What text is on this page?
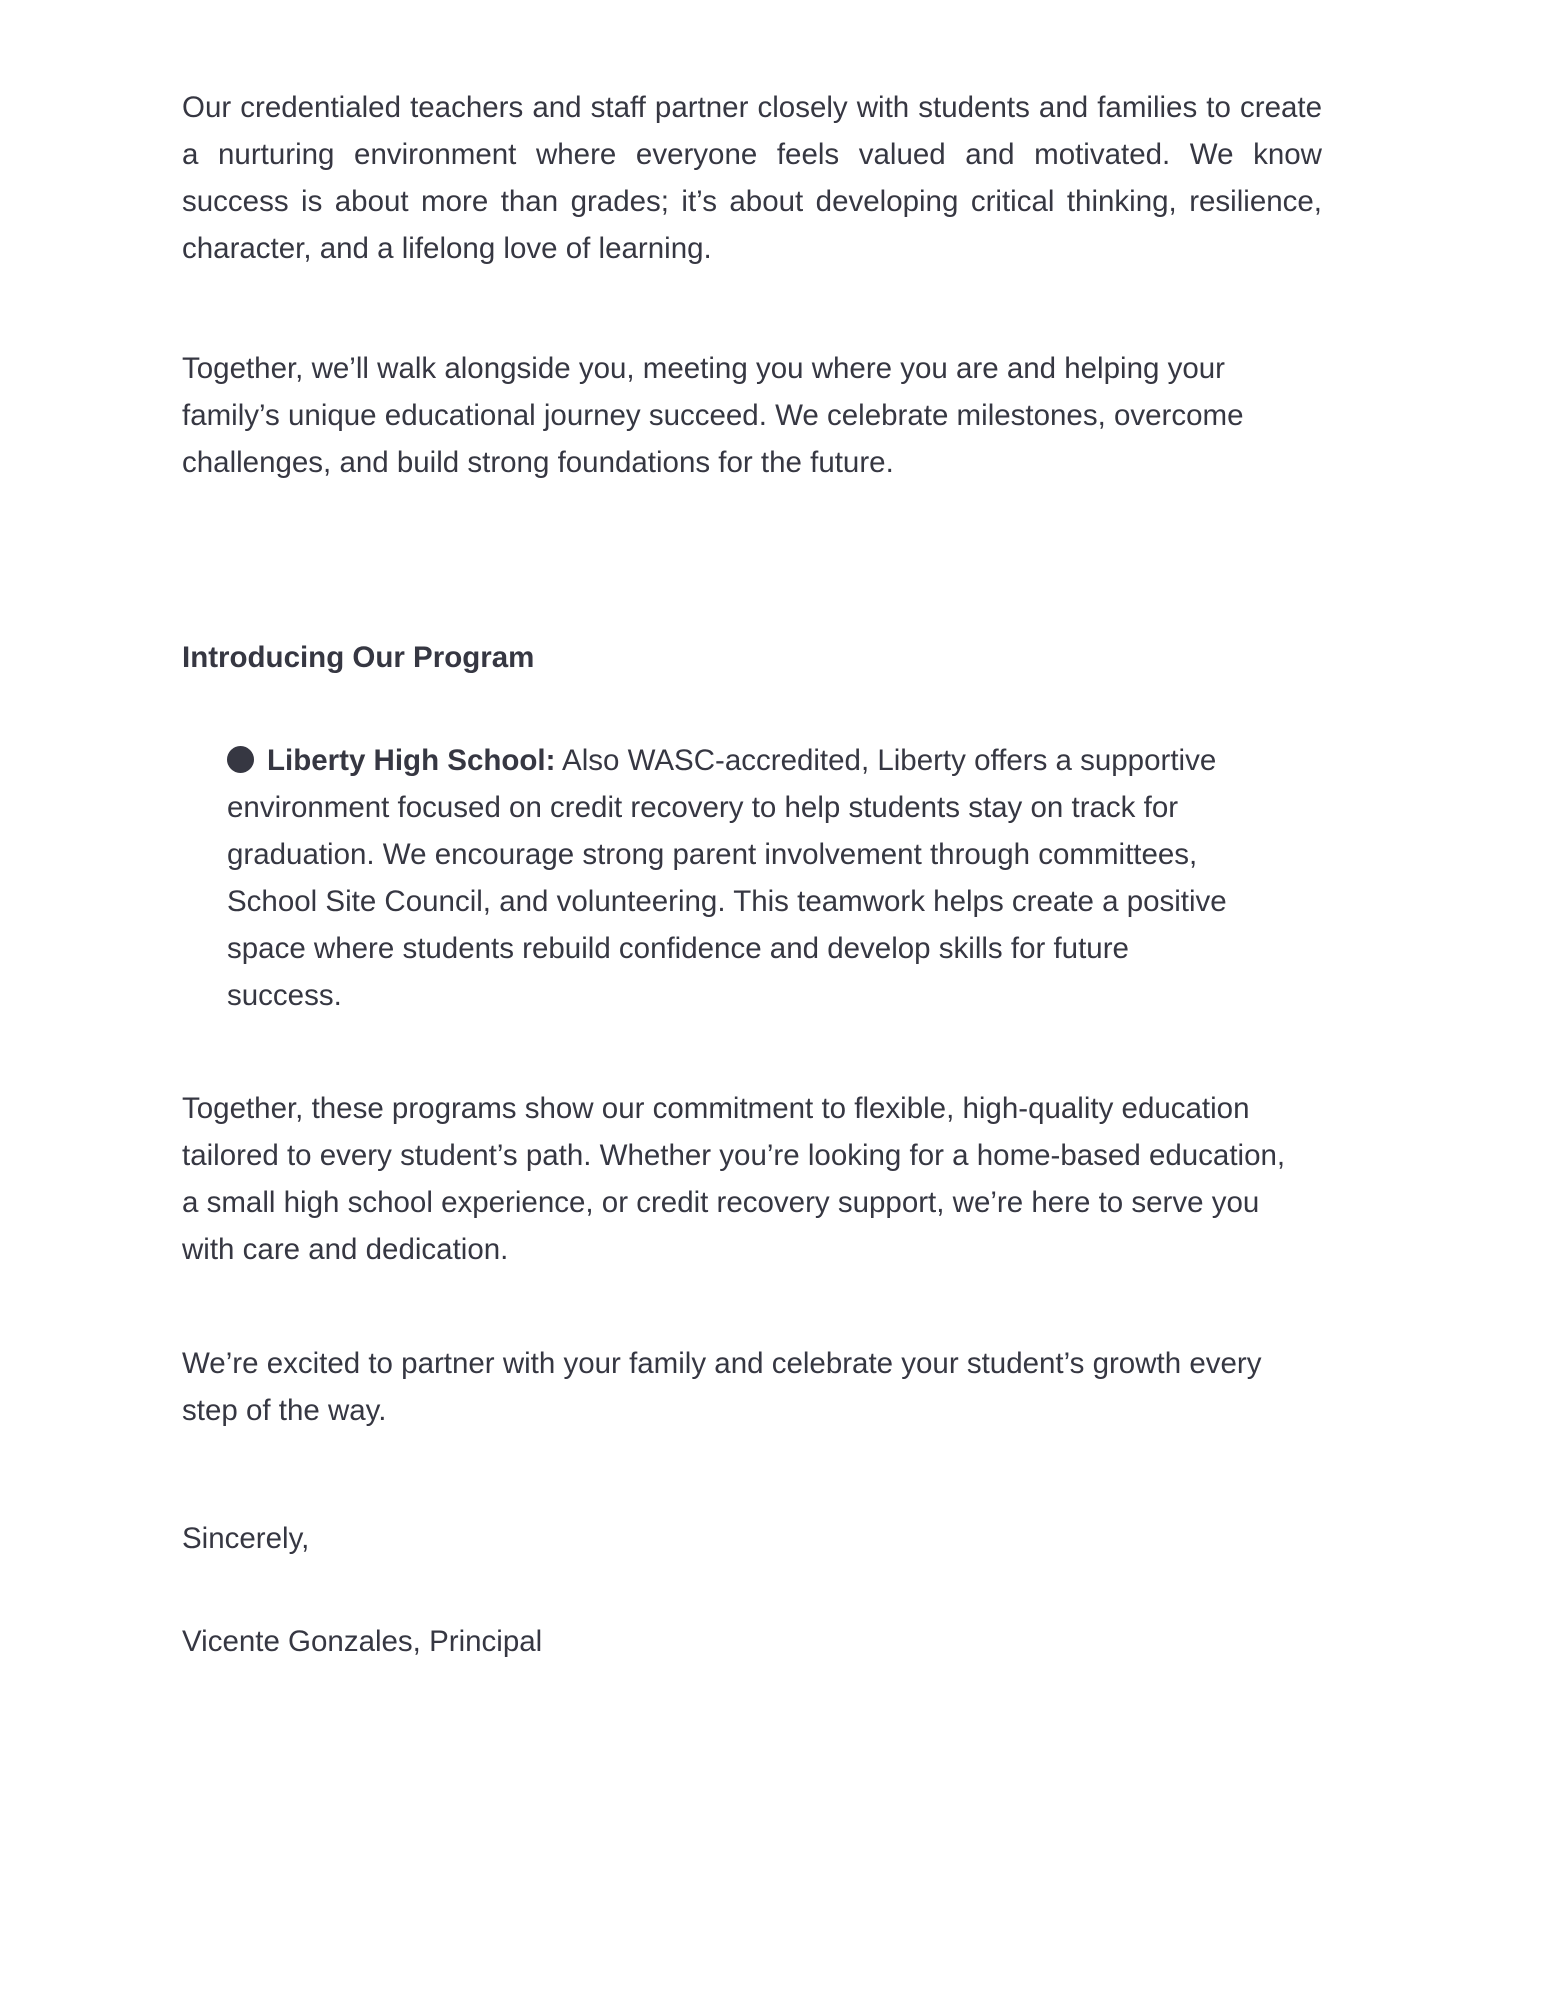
Our credentialed teachers and staff partner closely with students and families to create a nurturing environment where everyone feels valued and motivated. We know success is about more than grades; it’s about developing critical thinking, resilience, character, and a lifelong love of learning.

Together, we’ll walk alongside you, meeting you where you are and helping your
family’s unique educational journey succeed. We celebrate milestones, overcome
challenges, and build strong foundations for the future.

Introducing Our Program

Liberty High School: Also WASC-accredited, Liberty offers a supportive
environment focused on credit recovery to help students stay on track for
graduation. We encourage strong parent involvement through committees,
School Site Council, and volunteering. This teamwork helps create a positive
space where students rebuild confidence and develop skills for future
success.

Together, these programs show our commitment to flexible, high-quality education
tailored to every student’s path. Whether you’re looking for a home-based education,
a small high school experience, or credit recovery support, we’re here to serve you
with care and dedication.

We’re excited to partner with your family and celebrate your student’s growth every
step of the way.

Sincerely,

Vicente Gonzales, Principal
